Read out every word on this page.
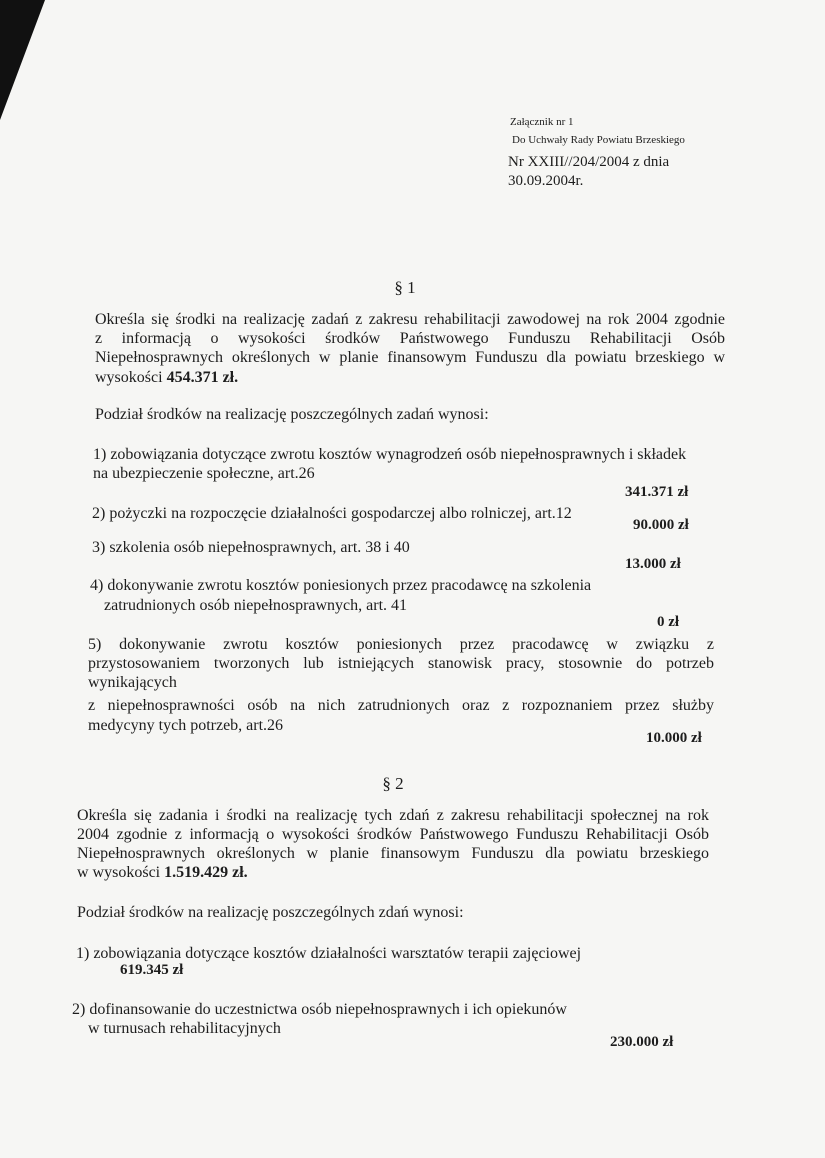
Załącznik nr 1
Do Uchwały Rady Powiatu Brzeskiego
Nr XXIII//204/2004 z dnia
30.09.2004r.
§ 1
Określa się środki na realizację zadań z zakresu rehabilitacji zawodowej na rok 2004 zgodnie
z informacją o wysokości środków Państwowego Funduszu Rehabilitacji Osób
Niepełnosprawnych określonych w planie finansowym Funduszu dla powiatu brzeskiego w
wysokości 454.371 zł.
Podział środków na realizację poszczególnych zadań wynosi:
1) zobowiązania dotyczące zwrotu kosztów wynagrodzeń osób niepełnosprawnych i składek
na ubezpieczenie społeczne, art.26
341.371 zł
2) pożyczki na rozpoczęcie działalności gospodarczej albo rolniczej, art.12
90.000 zł
3) szkolenia osób niepełnosprawnych, art. 38 i 40
13.000 zł
4) dokonywanie zwrotu kosztów poniesionych przez pracodawcę na szkolenia
zatrudnionych osób niepełnosprawnych, art. 41
0 zł
5) dokonywanie zwrotu kosztów poniesionych przez pracodawcę w związku z
przystosowaniem tworzonych lub istniejących stanowisk pracy, stosownie do potrzeb
wynikających
z niepełnosprawności osób na nich zatrudnionych oraz z rozpoznaniem przez służby
medycyny tych potrzeb, art.26
10.000 zł
§ 2
Określa się zadania i środki na realizację tych zdań z zakresu rehabilitacji społecznej na rok
2004 zgodnie z informacją o wysokości środków Państwowego Funduszu Rehabilitacji Osób
Niepełnosprawnych określonych w planie finansowym Funduszu dla powiatu brzeskiego
w wysokości 1.519.429 zł.
Podział środków na realizację poszczególnych zdań wynosi:
1) zobowiązania dotyczące kosztów działalności warsztatów terapii zajęciowej
619.345 zł
2) dofinansowanie do uczestnictwa osób niepełnosprawnych i ich opiekunów
w turnusach rehabilitacyjnych
230.000 zł
